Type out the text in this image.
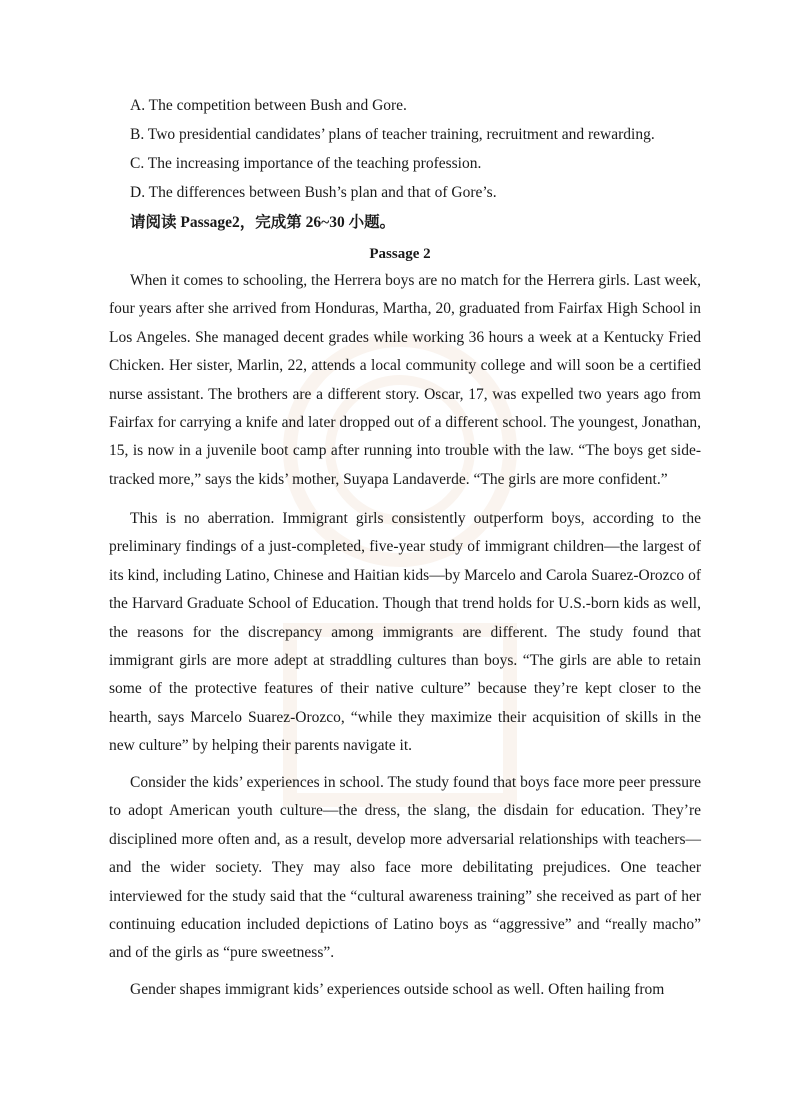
A. The competition between Bush and Gore.
B. Two presidential candidates’ plans of teacher training, recruitment and rewarding.
C. The increasing importance of the teaching profession.
D. The differences between Bush’s plan and that of Gore’s.
请阅读 Passage2，完成第 26~30 小题。
Passage 2

When it comes to schooling, the Herrera boys are no match for the Herrera girls. Last week, four years after she arrived from Honduras, Martha, 20, graduated from Fairfax High School in Los Angeles. She managed decent grades while working 36 hours a week at a Kentucky Fried Chicken. Her sister, Marlin, 22, attends a local community college and will soon be a certified nurse assistant. The brothers are a different story. Oscar, 17, was expelled two years ago from Fairfax for carrying a knife and later dropped out of a different school. The youngest, Jonathan, 15, is now in a juvenile boot camp after running into trouble with the law. “The boys get side-tracked more,” says the kids’ mother, Suyapa Landaverde. “The girls are more confident.”

This is no aberration. Immigrant girls consistently outperform boys, according to the preliminary findings of a just-completed, five-year study of immigrant children—the largest of its kind, including Latino, Chinese and Haitian kids—by Marcelo and Carola Suarez-Orozco of the Harvard Graduate School of Education. Though that trend holds for U.S.-born kids as well, the reasons for the discrepancy among immigrants are different. The study found that immigrant girls are more adept at straddling cultures than boys. “The girls are able to retain some of the protective features of their native culture” because they’re kept closer to the hearth, says Marcelo Suarez-Orozco, “while they maximize their acquisition of skills in the new culture” by helping their parents navigate it.

Consider the kids’ experiences in school. The study found that boys face more peer pressure to adopt American youth culture—the dress, the slang, the disdain for education. They’re disciplined more often and, as a result, develop more adversarial relationships with teachers—and the wider society. They may also face more debilitating prejudices. One teacher interviewed for the study said that the “cultural awareness training” she received as part of her continuing education included depictions of Latino boys as “aggressive” and “really macho” and of the girls as “pure sweetness”.

Gender shapes immigrant kids’ experiences outside school as well. Often hailing from
